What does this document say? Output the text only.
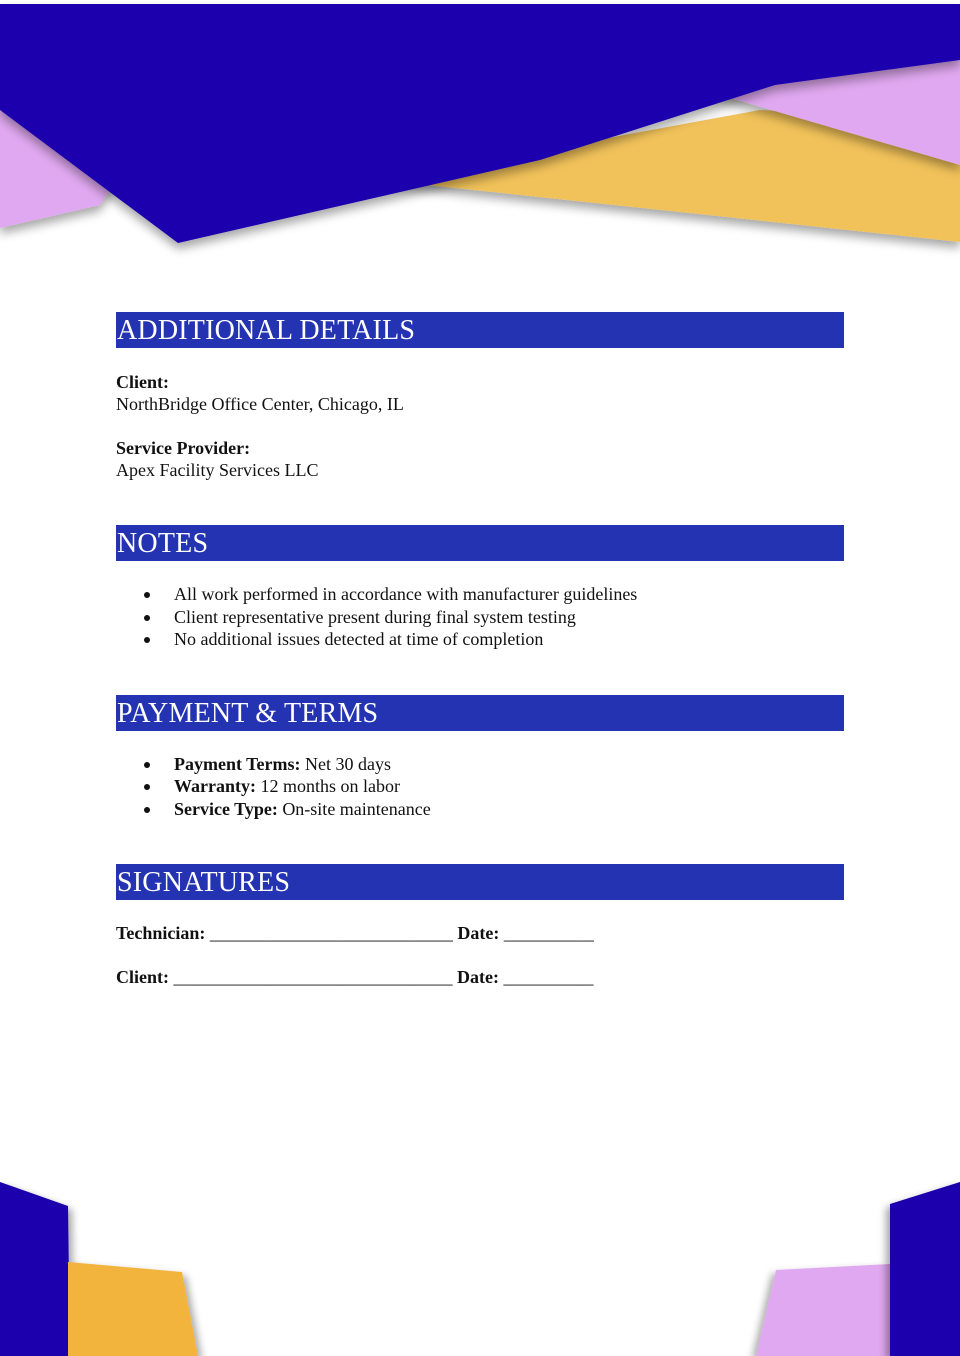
ADDITIONAL DETAILS
Client:
NorthBridge Office Center, Chicago, IL
Service Provider:
Apex Facility Services LLC
NOTES
All work performed in accordance with manufacturer guidelines
Client representative present during final system testing
No additional issues detected at time of completion
PAYMENT & TERMS
Payment Terms: Net 30 days
Warranty: 12 months on labor
Service Type: On-site maintenance
SIGNATURES
Technician: ___________________________ Date: __________
Client: _______________________________ Date: __________
